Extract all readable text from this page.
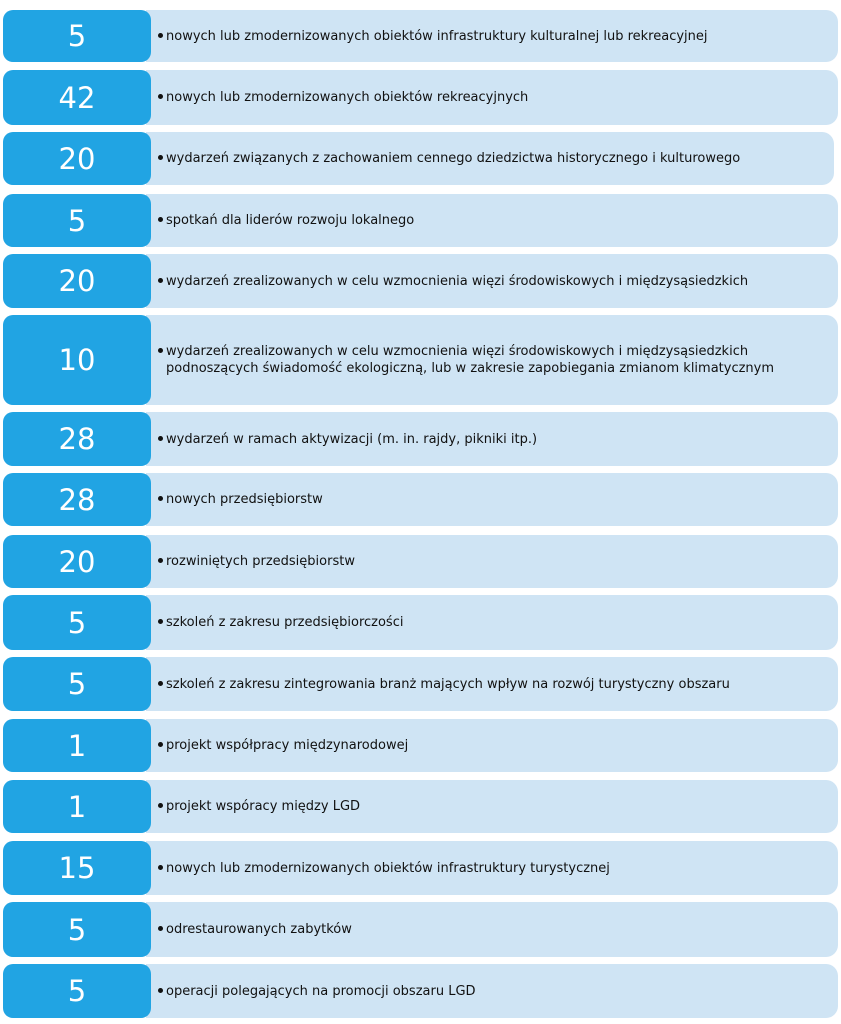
5	nowych lub zmodernizowanych obiektów infrastruktury kulturalnej lub rekreacyjnej
42	nowych lub zmodernizowanych obiektów rekreacyjnych
20	wydarzeń związanych z zachowaniem cennego dziedzictwa historycznego i kulturowego
5	spotkań dla liderów rozwoju lokalnego
20	wydarzeń zrealizowanych w celu wzmocnienia więzi środowiskowych i międzysąsiedzkich
10	wydarzeń zrealizowanych w celu wzmocnienia więzi środowiskowych i międzysąsiedzkich
podnoszących świadomość ekologiczną, lub w zakresie zapobiegania zmianom klimatycznym
28	wydarzeń w ramach aktywizacji (m. in. rajdy, pikniki itp.)
28	nowych przedsiębiorstw
20	rozwiniętych przedsiębiorstw
5	szkoleń z zakresu przedsiębiorczości
5	szkoleń z zakresu zintegrowania branż mających wpływ na rozwój turystyczny obszaru
1	projekt współpracy międzynarodowej
1	projekt wspóracy między LGD
15	nowych lub zmodernizowanych obiektów infrastruktury turystycznej
5	odrestaurowanych zabytków
5	operacji polegających na promocji obszaru LGD
